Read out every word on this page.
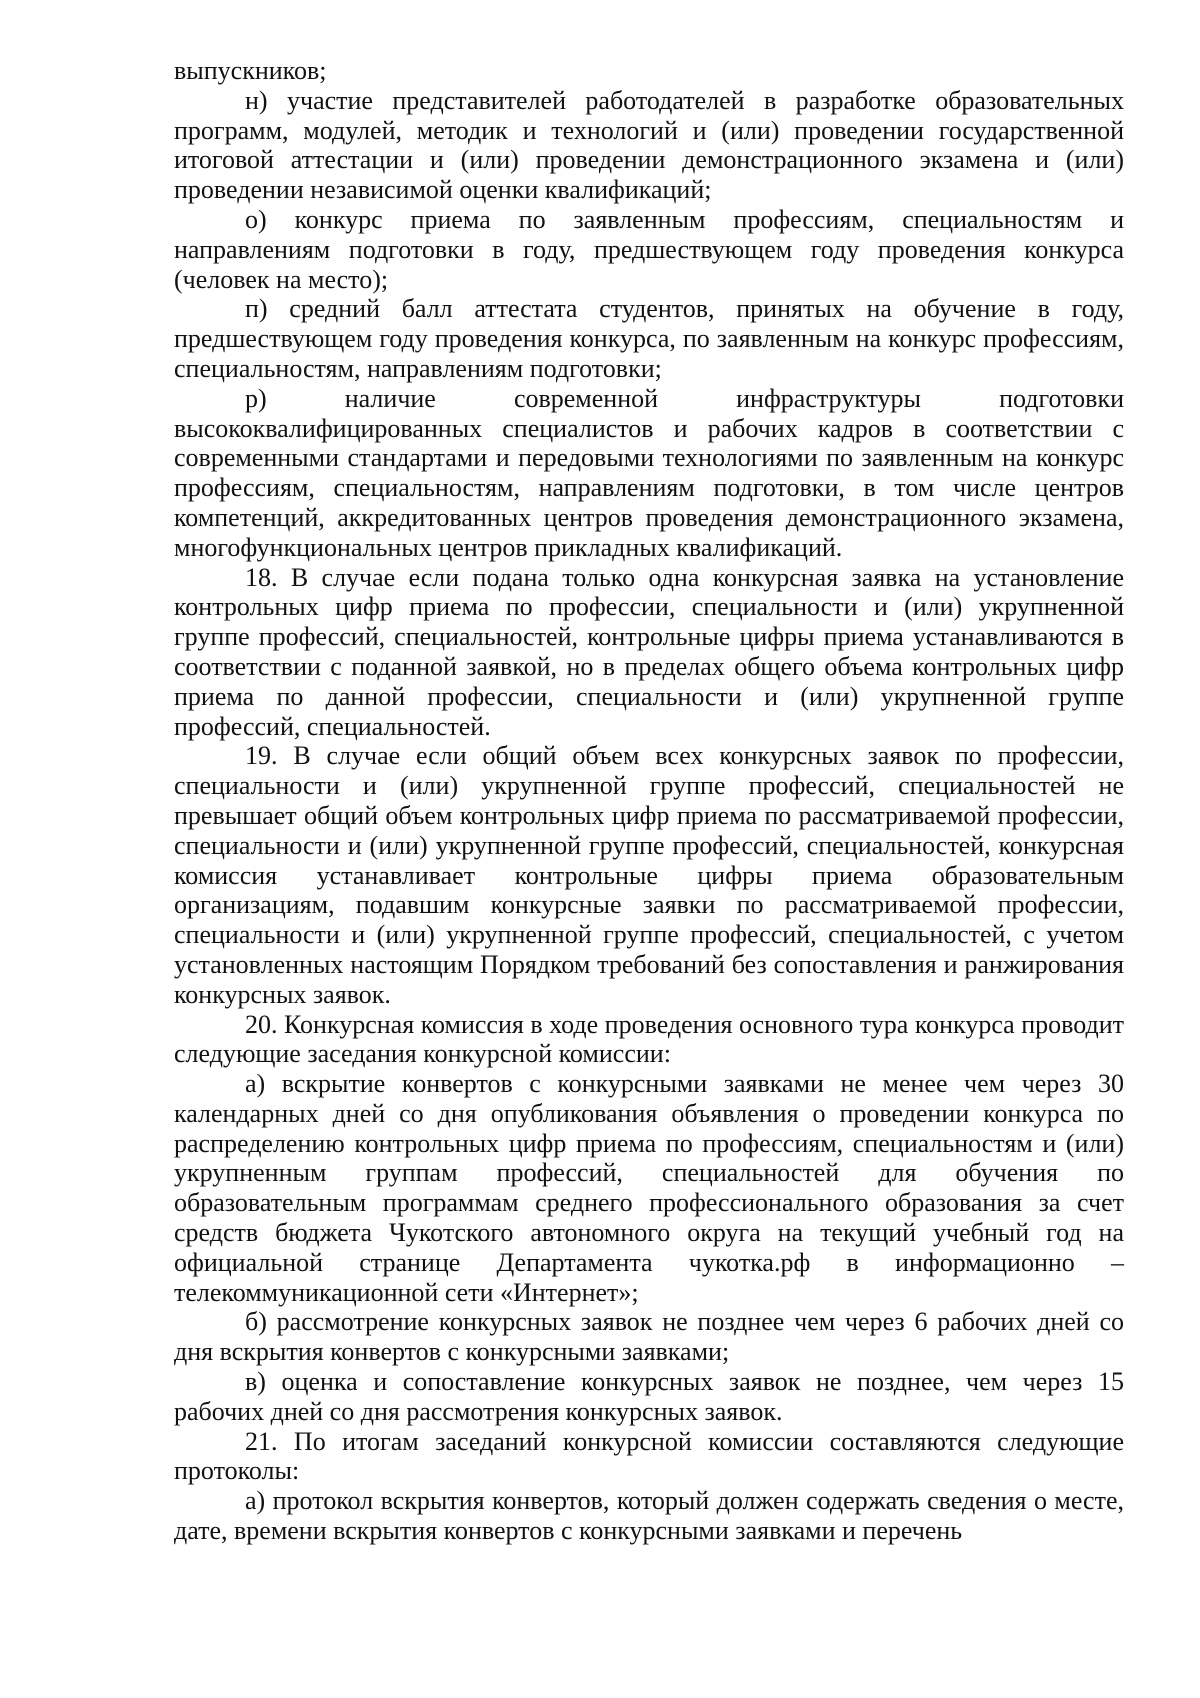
выпускников;

н) участие представителей работодателей в разработке образовательных программ, модулей, методик и технологий и (или) проведении государственной итоговой аттестации и (или) проведении демонстрационного экзамена и (или) проведении независимой оценки квалификаций;

о) конкурс приема по заявленным профессиям, специальностям и направлениям подготовки в году, предшествующем году проведения конкурса (человек на место);

п) средний балл аттестата студентов, принятых на обучение в году, предшествующем году проведения конкурса, по заявленным на конкурс профессиям, специальностям, направлениям подготовки;

р) наличие современной инфраструктуры подготовки высококвалифицированных специалистов и рабочих кадров в соответствии с современными стандартами и передовыми технологиями по заявленным на конкурс профессиям, специальностям, направлениям подготовки, в том числе центров компетенций, аккредитованных центров проведения демонстрационного экзамена, многофункциональных центров прикладных квалификаций.

18. В случае если подана только одна конкурсная заявка на установление контрольных цифр приема по профессии, специальности и (или) укрупненной группе профессий, специальностей, контрольные цифры приема устанавливаются в соответствии с поданной заявкой, но в пределах общего объема контрольных цифр приема по данной профессии, специальности и (или) укрупненной группе профессий, специальностей.

19. В случае если общий объем всех конкурсных заявок по профессии, специальности и (или) укрупненной группе профессий, специальностей не превышает общий объем контрольных цифр приема по рассматриваемой профессии, специальности и (или) укрупненной группе профессий, специальностей, конкурсная комиссия устанавливает контрольные цифры приема образовательным организациям, подавшим конкурсные заявки по рассматриваемой профессии, специальности и (или) укрупненной группе профессий, специальностей, с учетом установленных настоящим Порядком требований без сопоставления и ранжирования конкурсных заявок.

20. Конкурсная комиссия в ходе проведения основного тура конкурса проводит следующие заседания конкурсной комиссии:

а) вскрытие конвертов с конкурсными заявками не менее чем через 30 календарных дней со дня опубликования объявления о проведении конкурса по распределению контрольных цифр приема по профессиям, специальностям и (или) укрупненным группам профессий, специальностей для обучения по образовательным программам среднего профессионального образования за счет средств бюджета Чукотского автономного округа на текущий учебный год на официальной странице Департамента чукотка.рф в информационно – телекоммуникационной сети «Интернет»;

б) рассмотрение конкурсных заявок не позднее чем через 6 рабочих дней со дня вскрытия конвертов с конкурсными заявками;

в) оценка и сопоставление конкурсных заявок не позднее, чем через 15 рабочих дней со дня рассмотрения конкурсных заявок.

21. По итогам заседаний конкурсной комиссии составляются следующие протоколы:

а) протокол вскрытия конвертов, который должен содержать сведения о месте, дате, времени вскрытия конвертов с конкурсными заявками и перечень
